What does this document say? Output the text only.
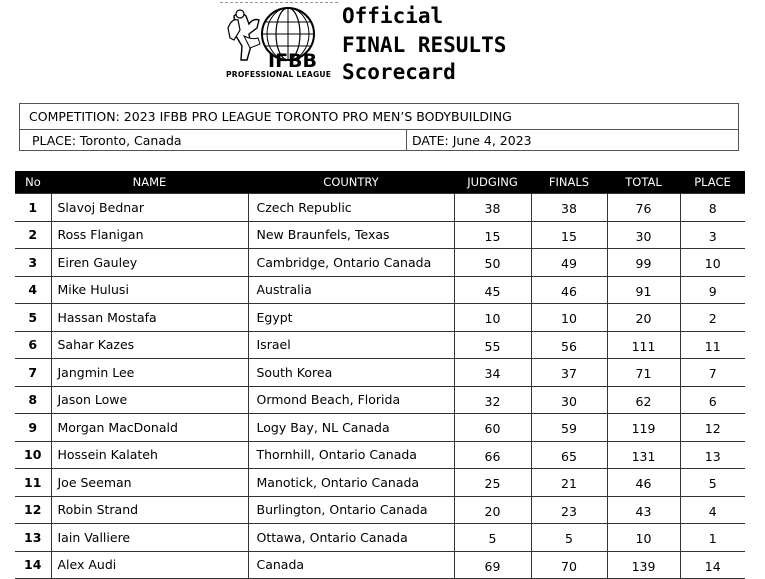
IFBB
PROFESSIONAL LEAGUE
Official
FINAL RESULTS
Scorecard
COMPETITION: 2023 IFBB PRO LEAGUE TORONTO PRO MEN’S BODYBUILDING
PLACE: Toronto, Canada	DATE: June 4, 2023
No	NAME	COUNTRY	JUDGING	FINALS	TOTAL	PLACE
1	Slavoj Bednar	Czech Republic	38	38	76	8
2	Ross Flanigan	New Braunfels, Texas	15	15	30	3
3	Eiren Gauley	Cambridge, Ontario Canada	50	49	99	10
4	Mike Hulusi	Australia	45	46	91	9
5	Hassan Mostafa	Egypt	10	10	20	2
6	Sahar Kazes	Israel	55	56	111	11
7	Jangmin Lee	South Korea	34	37	71	7
8	Jason Lowe	Ormond Beach, Florida	32	30	62	6
9	Morgan MacDonald	Logy Bay, NL Canada	60	59	119	12
10	Hossein Kalateh	Thornhill, Ontario Canada	66	65	131	13
11	Joe Seeman	Manotick, Ontario Canada	25	21	46	5
12	Robin Strand	Burlington, Ontario Canada	20	23	43	4
13	Iain Valliere	Ottawa, Ontario Canada	5	5	10	1
14	Alex Audi	Canada	69	70	139	14
